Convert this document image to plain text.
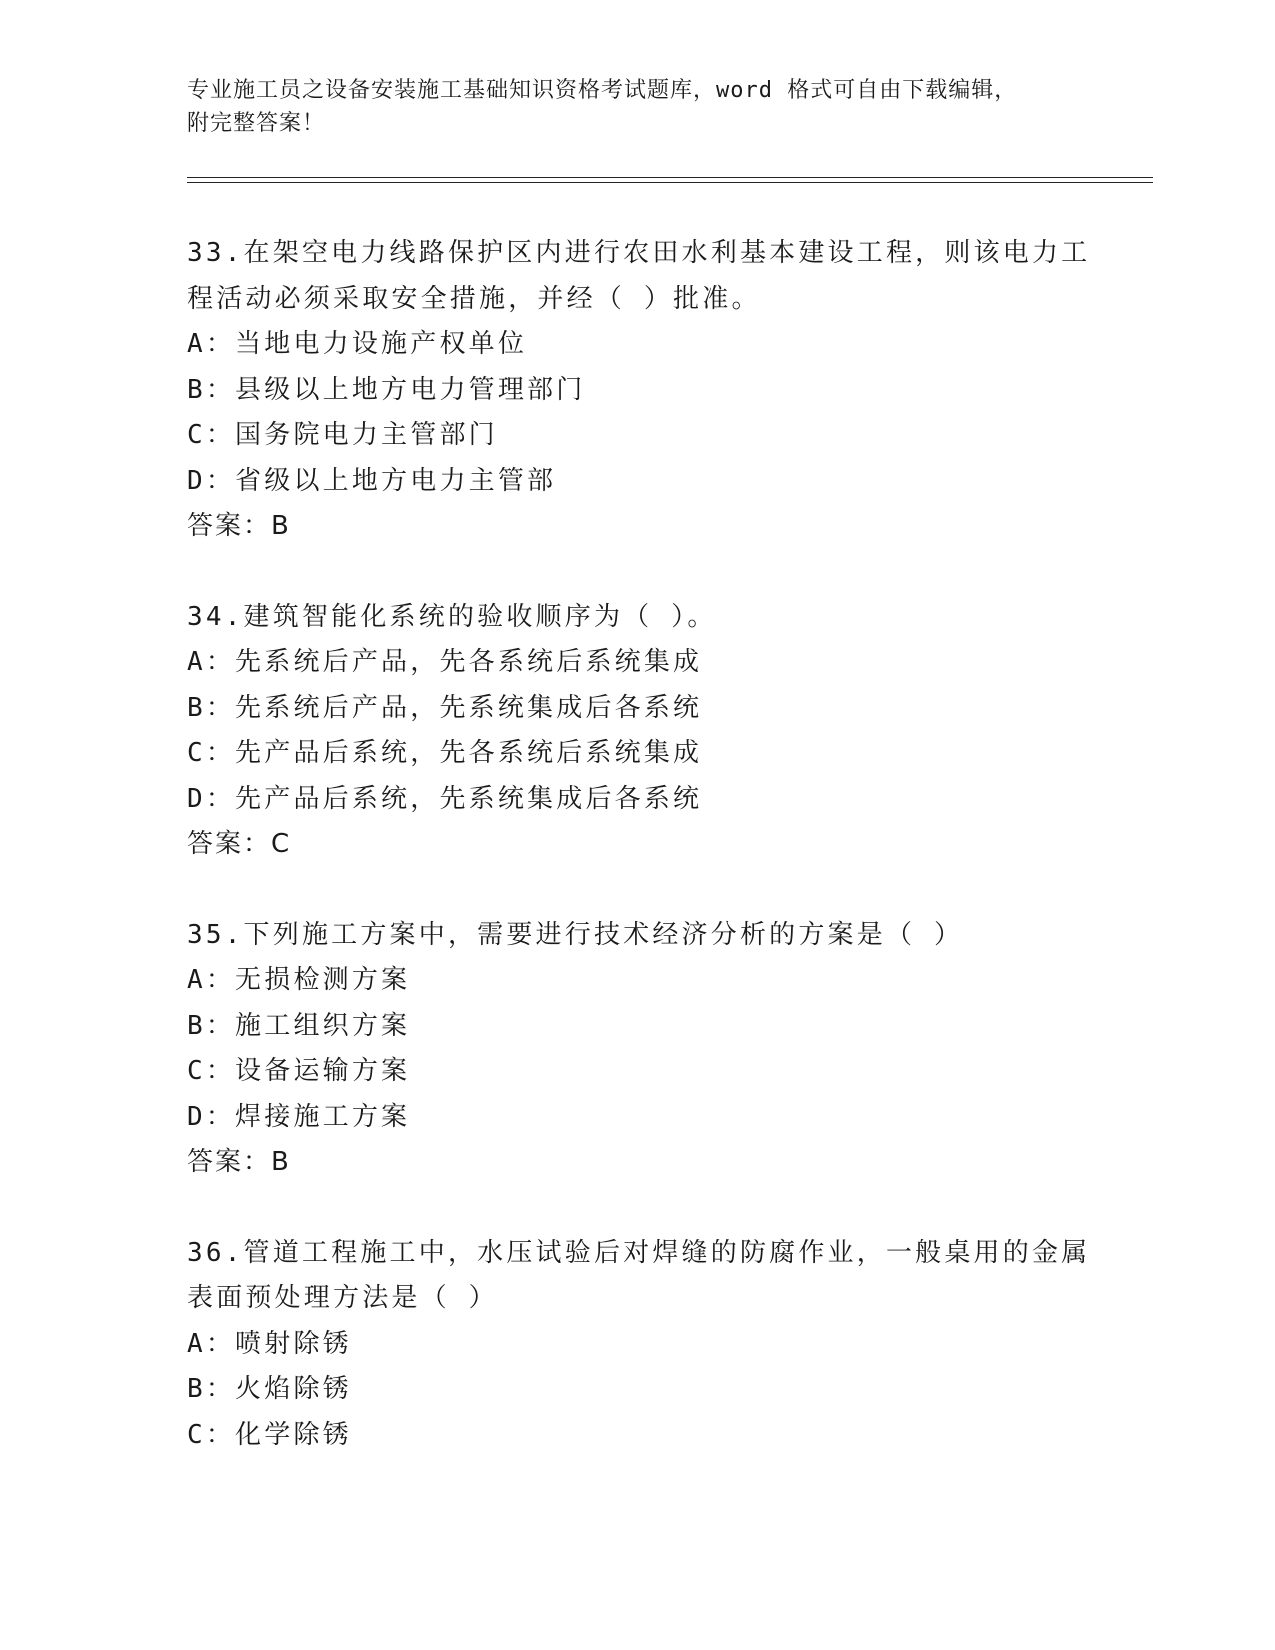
专业施工员之设备安装施工基础知识资格考试题库，word 格式可自由下载编辑，
附完整答案！
33.在架空电力线路保护区内进行农田水利基本建设工程，则该电力工
程活动必须采取安全措施，并经（ ）批准。
A：当地电力设施产权单位
B：县级以上地方电力管理部门
C：国务院电力主管部门
D：省级以上地方电力主管部
答案：B
34.建筑智能化系统的验收顺序为（ ）。
A：先系统后产品，先各系统后系统集成
B：先系统后产品，先系统集成后各系统
C：先产品后系统，先各系统后系统集成
D：先产品后系统，先系统集成后各系统
答案：C
35.下列施工方案中，需要进行技术经济分析的方案是（ ）
A：无损检测方案
B：施工组织方案
C：设备运输方案
D：焊接施工方案
答案：B
36.管道工程施工中，水压试验后对焊缝的防腐作业，一般桌用的金属
表面预处理方法是（ ）
A：喷射除锈
B：火焰除锈
C：化学除锈
